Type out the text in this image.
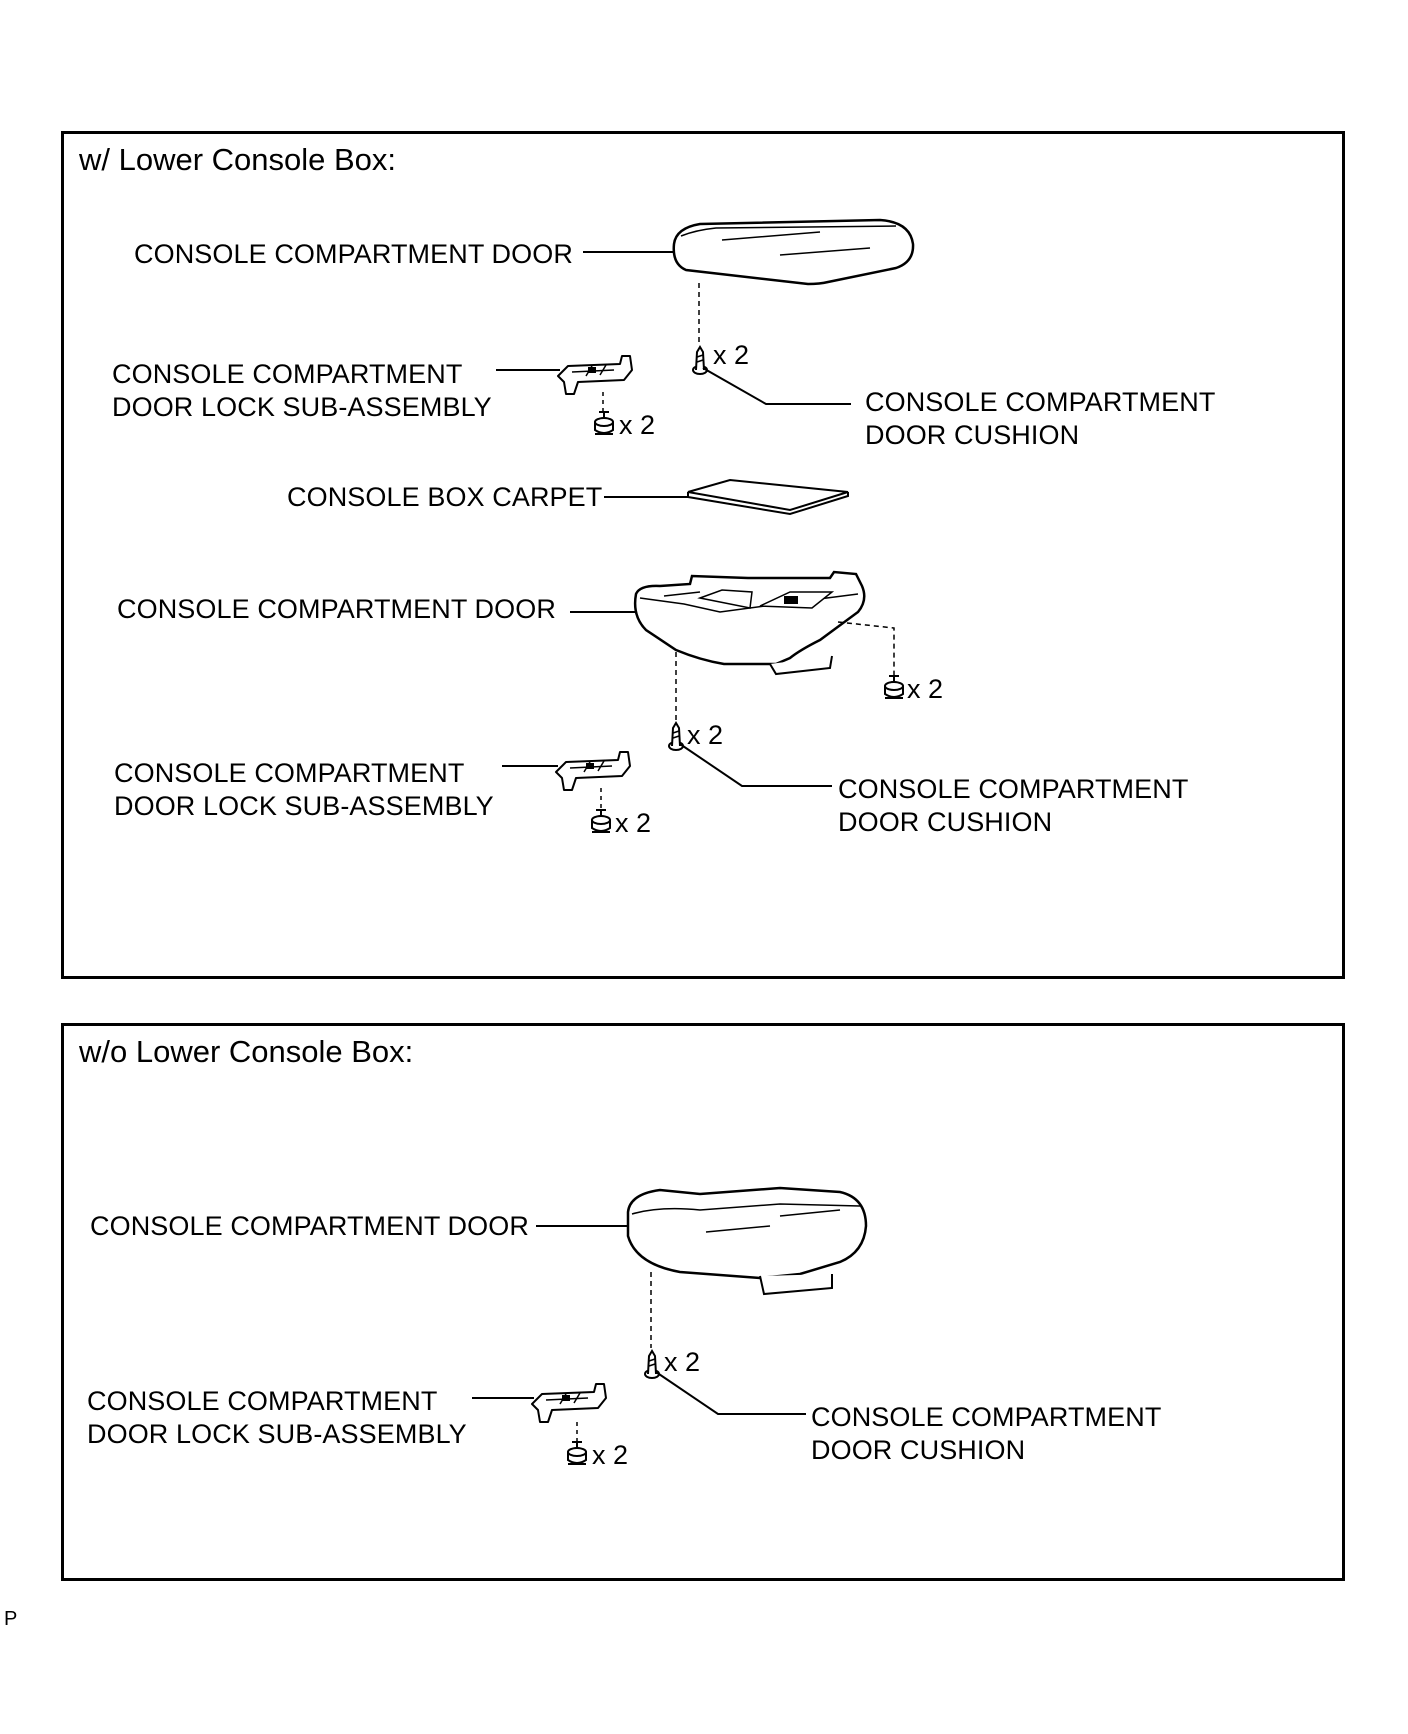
w/ Lower Console Box:
w/o Lower Console Box:
CONSOLE COMPARTMENT DOOR
CONSOLE COMPARTMENT
DOOR LOCK SUB-ASSEMBLY	CONSOLE COMPARTMENT
DOOR CUSHION
CONSOLE BOX CARPET
CONSOLE COMPARTMENT DOOR
CONSOLE COMPARTMENT
DOOR LOCK SUB-ASSEMBLY
CONSOLE COMPARTMENT
DOOR CUSHION
x 2
x 2
x 2
x 2
x 2
CONSOLE COMPARTMENT DOOR
CONSOLE COMPARTMENT
DOOR LOCK SUB-ASSEMBLY
CONSOLE COMPARTMENT
DOOR CUSHION
x 2
x 2
P
